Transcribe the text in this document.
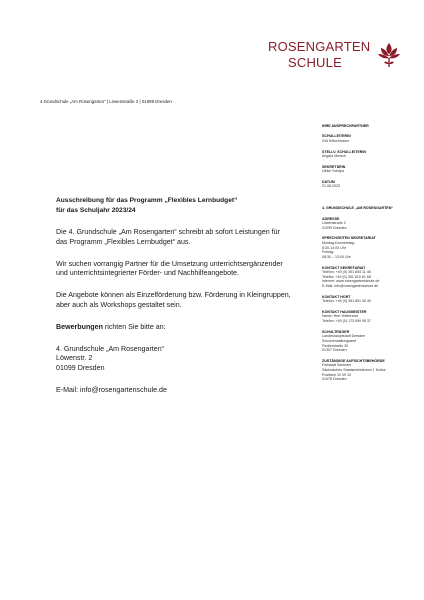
ROSENGARTEN
SCHULE
4.Grundschule „Am Rosengarten“ | Löwenstraße 2 | 01099 Dresden
IHRE ANSPRECHPARTNER
SCHULLEITERIN
Grit Hölschmann
STELLV. SCHULLEITERIN
Angela Morsch
SEKRETÄRIN
Ulrike Schöps
DATUM
21.08.2023
4. GRUNDSCHULE „AM ROSENGARTEN“
ADRESSE
Löwenstraße 2
01099 Dresden
SPRECHZEITEN SEKRETARIAT
Montag-Donnerstag:
8:30-14:00 Uhr
Freitag:
08:30 – 13:00 Uhr
KONTAKT SEKRETARIAT
Telefon: +49 (0) 351 804 11 46
Telefax: +49 (0) 351 810 61 68
Internet: www.rosengartenschule.de
E-Mail: info@rosengartenschule.de
KONTAKT HORT
Telefon: +49 (0) 351 801 30 40
KONTAKT HAUSMEISTER
Name: Herr Hillebrand
Telefon: +49 (0) 173 699 95 37
SCHULTRÄGER
Landeshauptstadt Dresden
Schulverwaltungsamt
Fiedlerstraße 30
01307 Dresden
ZUSTÄNDIGE AUFSICHTSBEHÖRDE
Freistaat Sachsen
Sächsisches Staatsministerium f. Kultus
Postfach 10 09 10
01076 Dresden
Ausschreibung für das Programm „Flexibles Lernbudget“
für das Schuljahr 2023/24

Die 4. Grundschule „Am Rosengarten“ schreibt ab sofort Leistungen für das Programm „Flexibles Lernbudget“ aus.

Wir suchen vorrangig Partner für die Umsetzung unterrichtsergänzender und unterrichtsintegrierter Förder- und Nachhilfeangebote.

Die Angebote können als Einzelförderung bzw. Förderung in Kleingruppen, aber auch als Workshops gestaltet sein.

Bewerbungen richten Sie bitte an:

4. Grundschule „Am Rosengarten“
Löwenstr. 2
01099 Dresden

E-Mail: info@rosengartenschule.de
